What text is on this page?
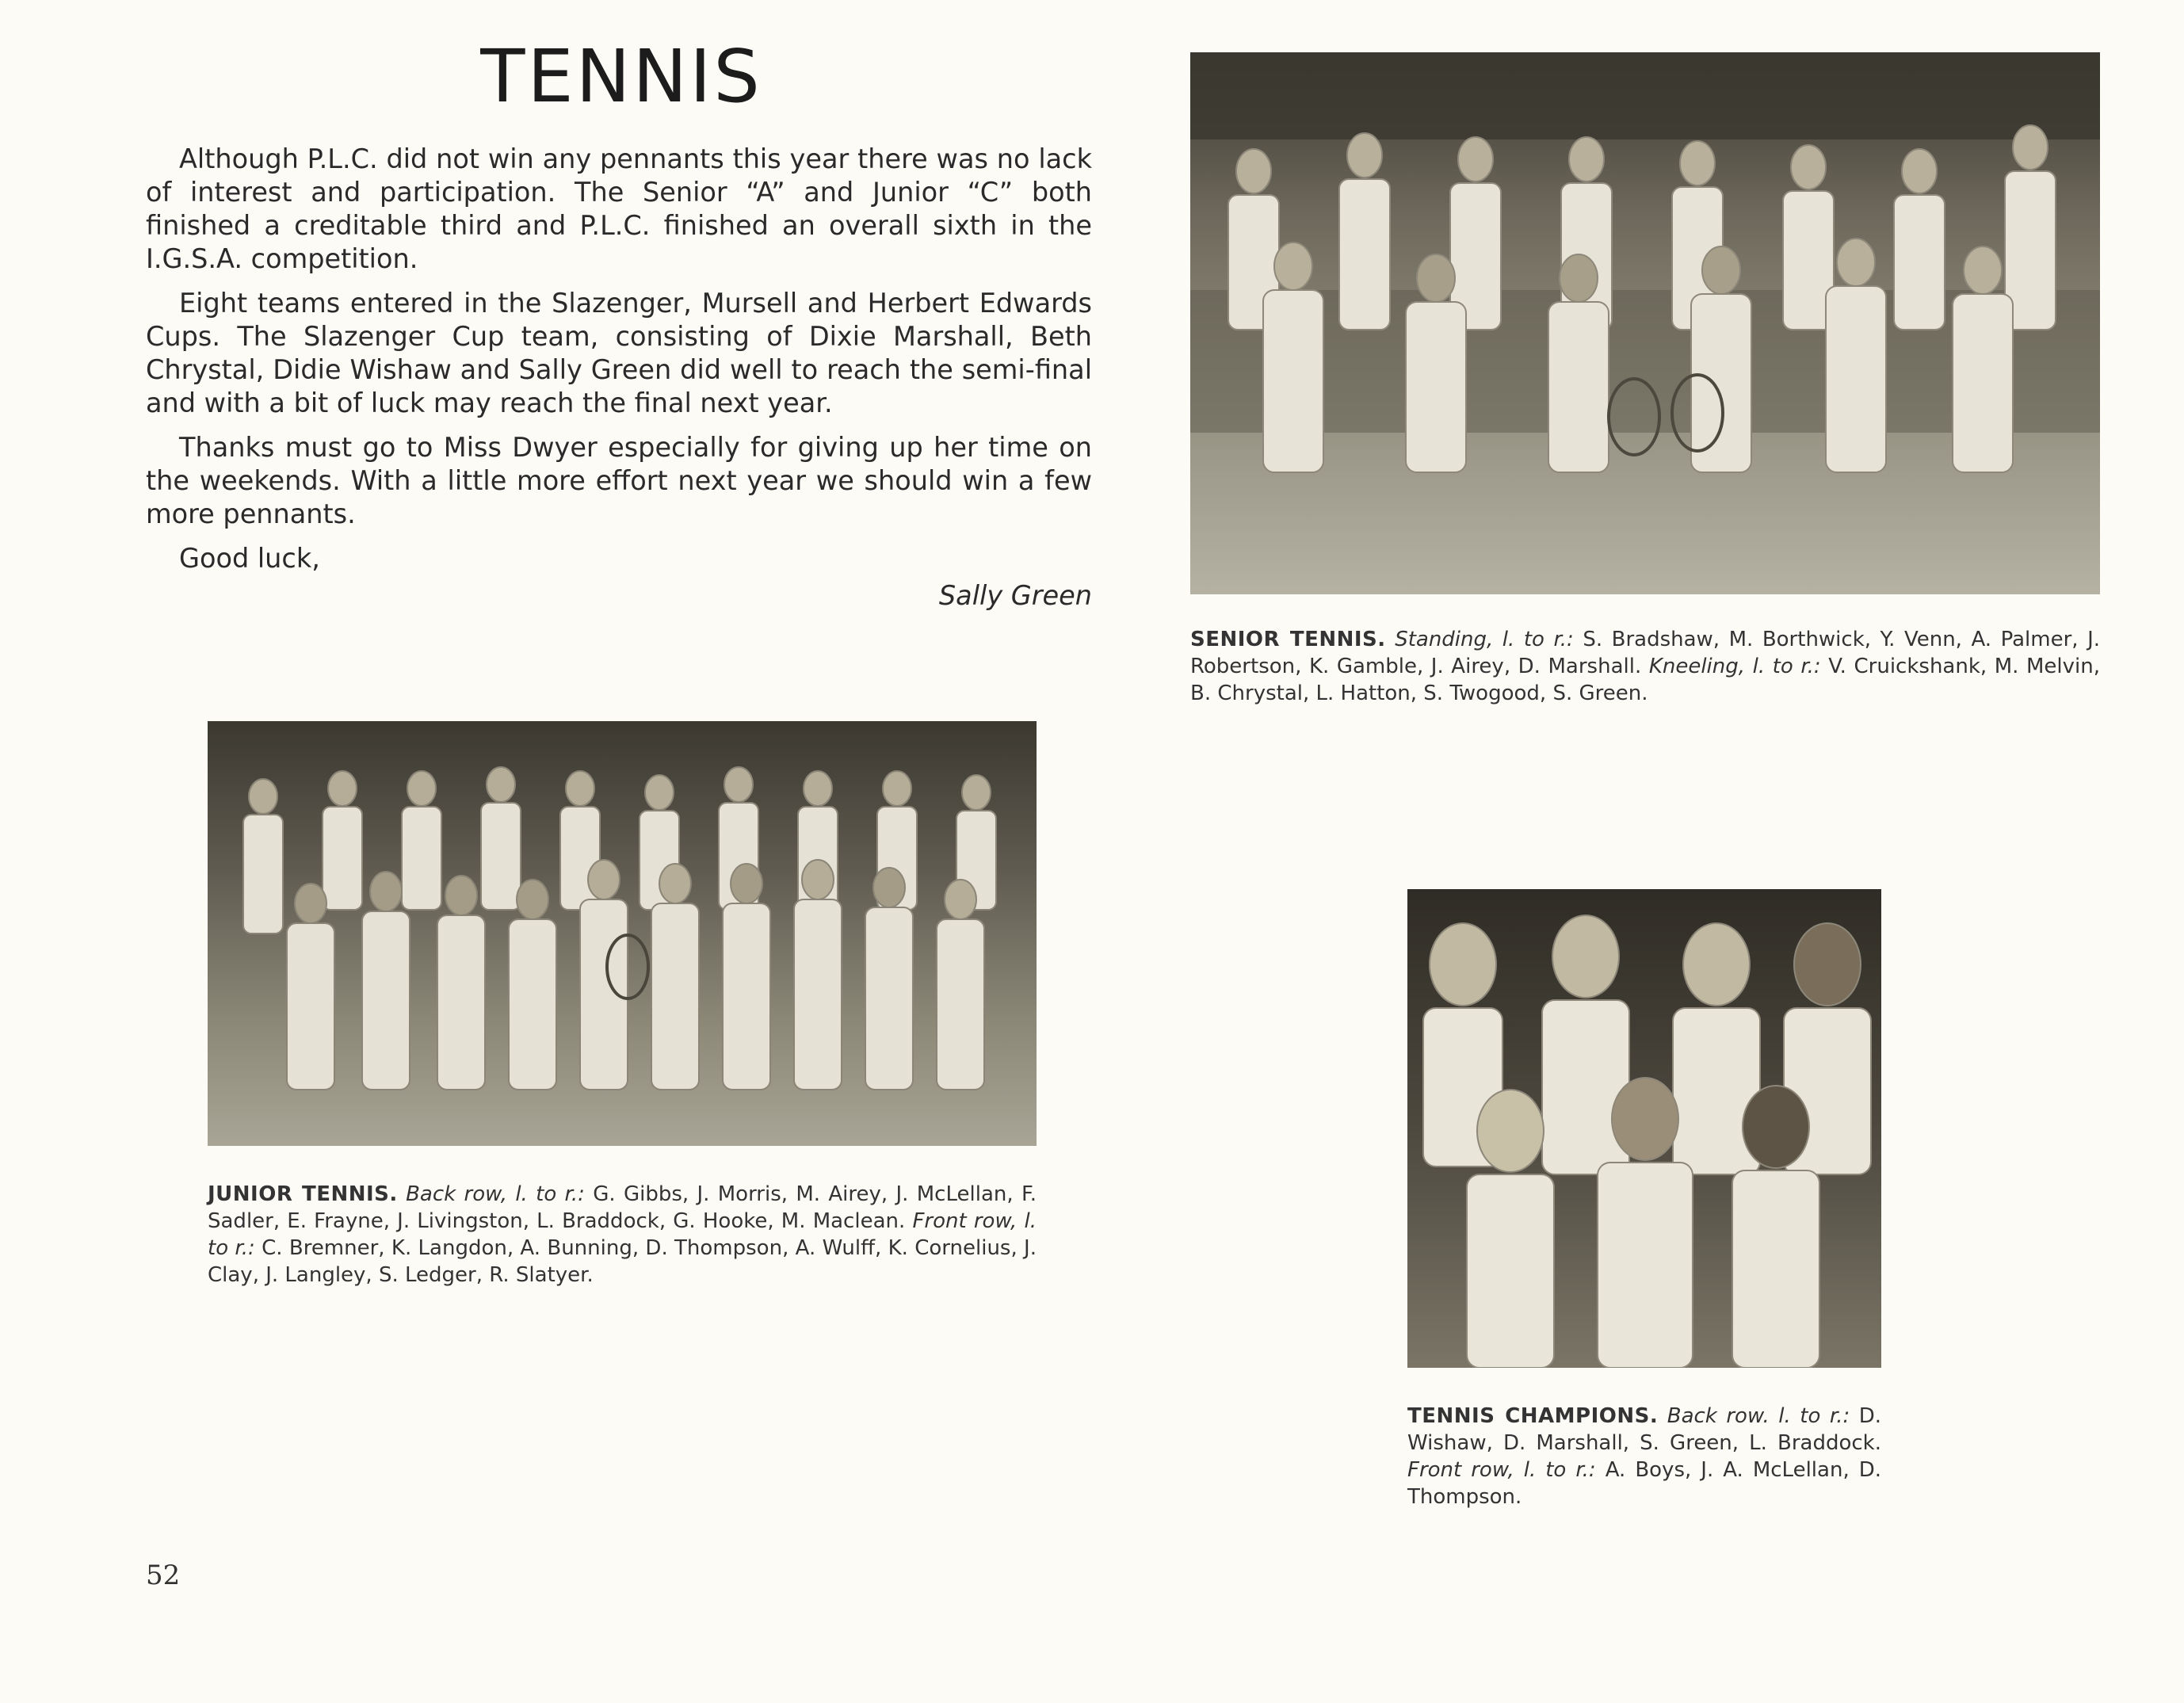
TENNIS

Although P.L.C. did not win any pennants this year there was no lack of interest and participation. The Senior “A” and Junior “C” both finished a creditable third and P.L.C. finished an overall sixth in the I.G.S.A. competition.

Eight teams entered in the Slazenger, Mursell and Herbert Edwards Cups. The Slazenger Cup team, consisting of Dixie Marshall, Beth Chrystal, Didie Wishaw and Sally Green did well to reach the semi-final and with a bit of luck may reach the final next year.

Thanks must go to Miss Dwyer especially for giving up her time on the weekends. With a little more effort next year we should win a few more pennants.

Good luck,

Sally Green
SENIOR TENNIS. Standing, l. to r.: S. Bradshaw, M. Borthwick, Y. Venn, A. Palmer, J. Robertson, K. Gamble, J. Airey, D. Marshall. Kneeling, l. to r.: V. Cruickshank, M. Melvin, B. Chrystal, L. Hatton, S. Twogood, S. Green.
JUNIOR TENNIS. Back row, l. to r.: G. Gibbs, J. Morris, M. Airey, J. McLellan, F. Sadler, E. Frayne, J. Livingston, L. Braddock, G. Hooke, M. Maclean. Front row, l. to r.: C. Bremner, K. Langdon, A. Bunning, D. Thompson, A. Wulff, K. Cornelius, J. Clay, J. Langley, S. Ledger, R. Slatyer.
TENNIS CHAMPIONS. Back row. l. to r.: D. Wishaw, D. Marshall, S. Green, L. Braddock. Front row, l. to r.: A. Boys, J. A. McLellan, D. Thompson.
52
